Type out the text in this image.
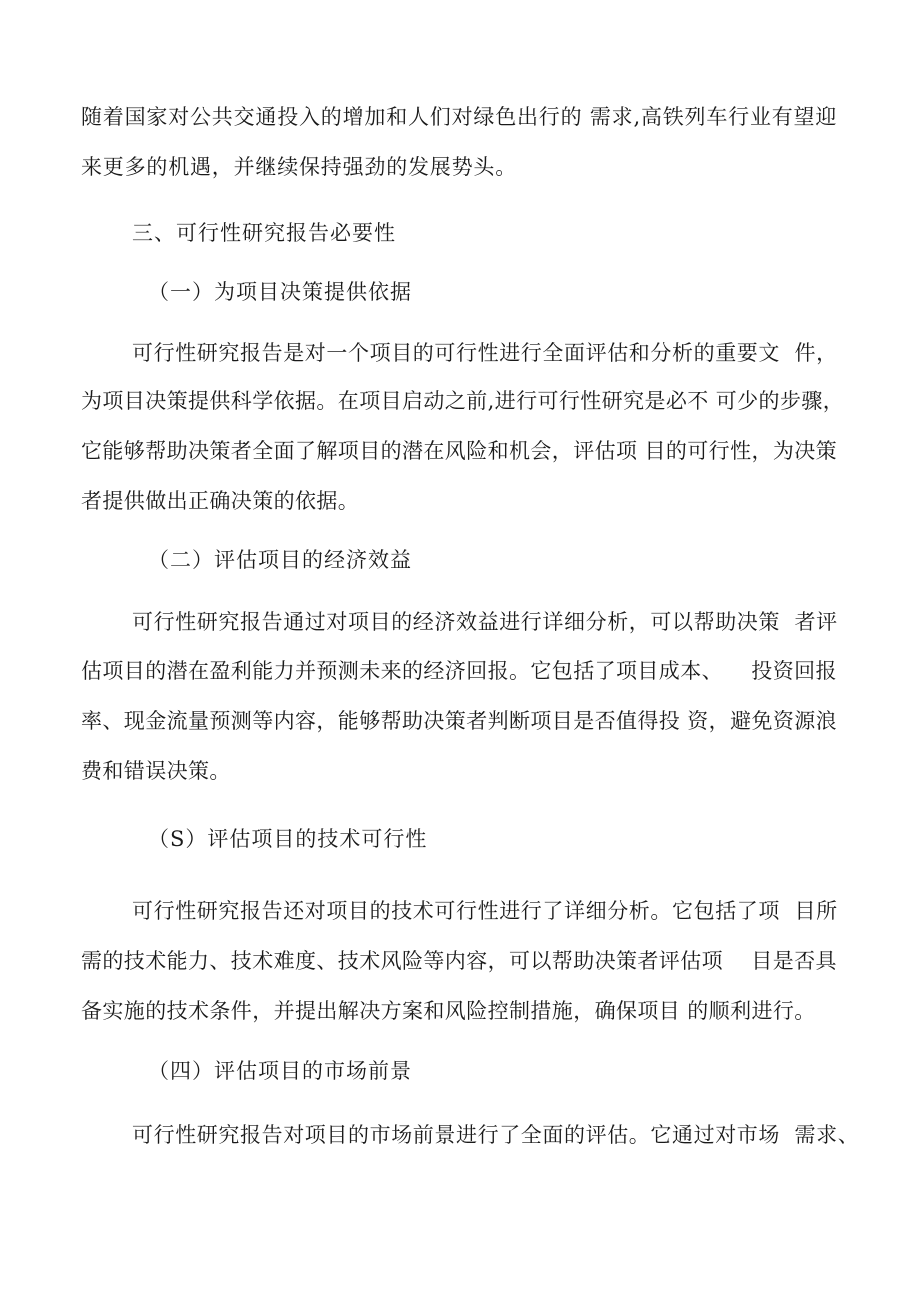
随着国家对公共交通投入的增加和人们对绿色出行的 需求,高铁列车行业有望迎
来更多的机遇，并继续保持强劲的发展势头。
三、可行性研究报告必要性
（一）为项目决策提供依据
可行性研究报告是对一个项目的可行性进行全面评估和分析的重要文  件，
为项目决策提供科学依据。在项目启动之前,进行可行性研究是必不 可少的步骤，
它能够帮助决策者全面了解项目的潜在风险和机会，评估项 目的可行性，为决策
者提供做出正确决策的依据。
（二）评估项目的经济效益
可行性研究报告通过对项目的经济效益进行详细分析，可以帮助决策  者评
估项目的潜在盈利能力并预测未来的经济回报。它包括了项目成本、    投资回报
率、现金流量预测等内容，能够帮助决策者判断项目是否值得投 资，避免资源浪
费和错误决策。
（S）评估项目的技术可行性
可行性研究报告还对项目的技术可行性进行了详细分析。它包括了项  目所
需的技术能力、技术难度、技术风险等内容，可以帮助决策者评估项    目是否具
备实施的技术条件，并提出解决方案和风险控制措施，确保项目 的顺利进行。
（四）评估项目的市场前景
可行性研究报告对项目的市场前景进行了全面的评估。它通过对市场  需求、
